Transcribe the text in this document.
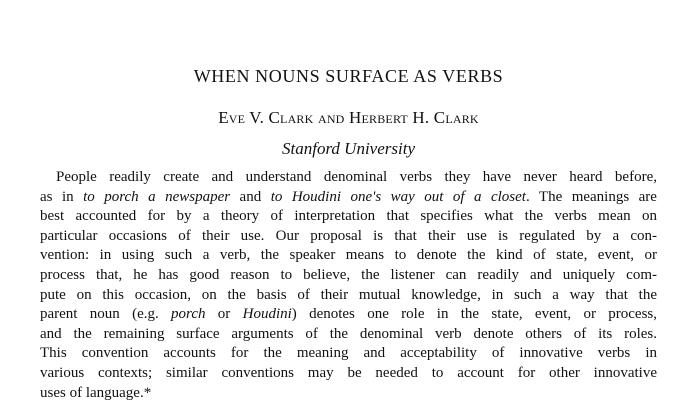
WHEN NOUNS SURFACE AS VERBS
Eve V. Clark and Herbert H. Clark
Stanford University
People readily create and understand denominal verbs they have never heard before,
as in to porch a newspaper and to Houdini one's way out of a closet. The meanings are
best accounted for by a theory of interpretation that specifies what the verbs mean on
particular occasions of their use. Our proposal is that their use is regulated by a con-
vention: in using such a verb, the speaker means to denote the kind of state, event, or
process that, he has good reason to believe, the listener can readily and uniquely com-
pute on this occasion, on the basis of their mutual knowledge, in such a way that the
parent noun (e.g. porch or Houdini) denotes one role in the state, event, or process,
and the remaining surface arguments of the denominal verb denote others of its roles.
This convention accounts for the meaning and acceptability of innovative verbs in
various contexts; similar conventions may be needed to account for other innovative
uses of language.*
